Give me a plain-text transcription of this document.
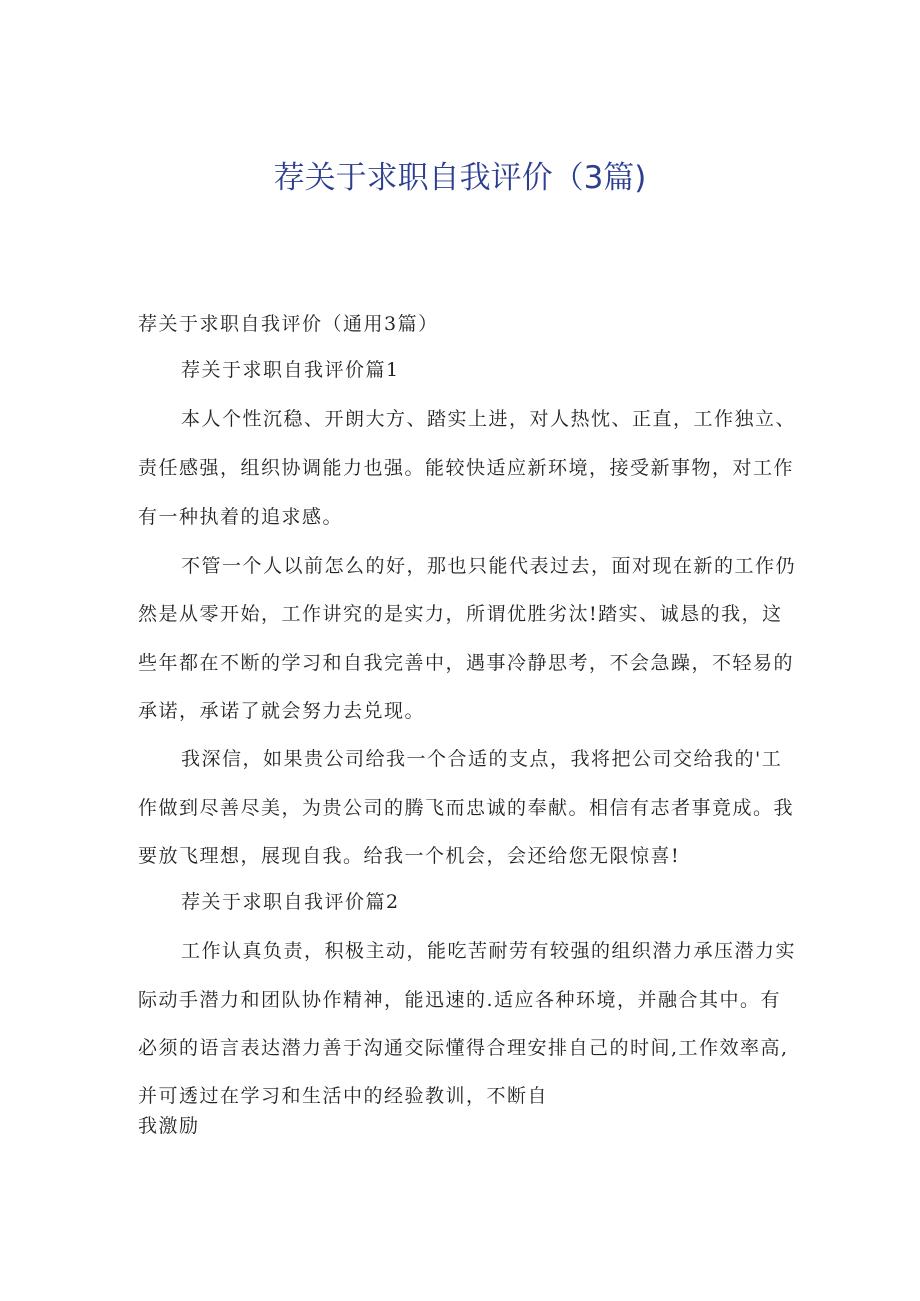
荐关于求职自我评价（3篇)

荐关于求职自我评价（通用3篇）

荐关于求职自我评价篇1

本人个性沉稳、开朗大方、踏实上进，对人热忱、正直，工作独立、

责任感强，组织协调能力也强。能较快适应新环境，接受新事物，对工作

有一种执着的追求感。

不管一个人以前怎么的好，那也只能代表过去，面对现在新的工作仍

然是从零开始，工作讲究的是实力，所谓优胜劣汰!踏实、诚恳的我，这

些年都在不断的学习和自我完善中，遇事冷静思考，不会急躁，不轻易的

承诺，承诺了就会努力去兑现。

我深信，如果贵公司给我一个合适的支点，我将把公司交给我的'工

作做到尽善尽美，为贵公司的腾飞而忠诚的奉献。相信有志者事竟成。我

要放飞理想，展现自我。给我一个机会，会还给您无限惊喜!

荐关于求职自我评价篇2

工作认真负责，积极主动，能吃苦耐劳有较强的组织潜力承压潜力实

际动手潜力和团队协作精神，能迅速的.适应各种环境，并融合其中。有

必须的语言表达潜力善于沟通交际懂得合理安排自己的时间,工作效率高,

并可透过在学习和生活中的经验教训，不断自

我激励
